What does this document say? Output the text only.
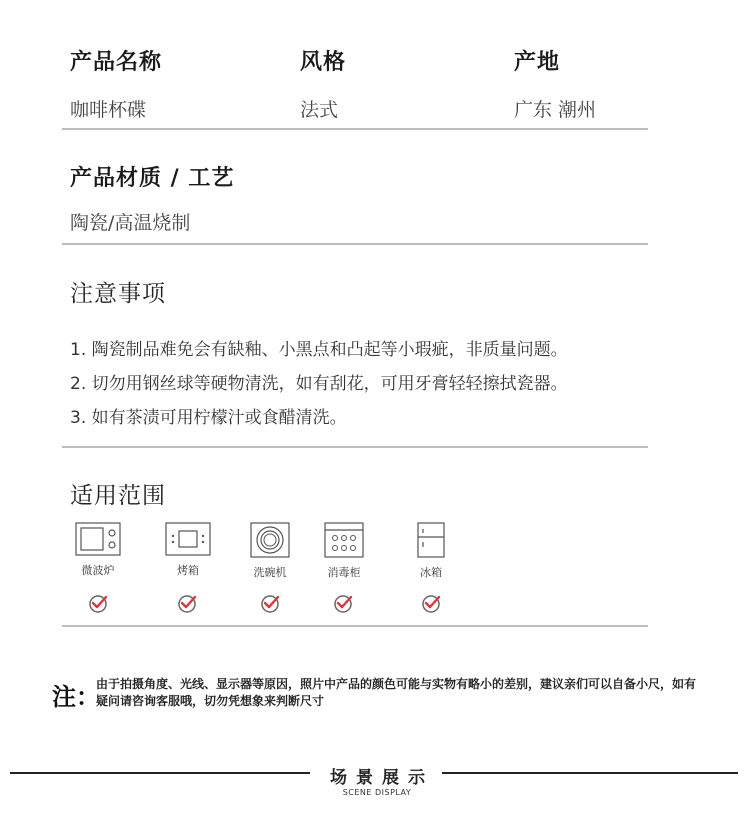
产品名称	风格	产地
咖啡杯碟	法式	广东 潮州
产品材质 / 工艺
陶瓷/高温烧制
注意事项
1. 陶瓷制品难免会有缺釉、小黑点和凸起等小瑕疵，非质量问题。
2. 切勿用钢丝球等硬物清洗，如有刮花，可用牙膏轻轻擦拭瓷器。
3. 如有茶渍可用柠檬汁或食醋清洗。
适用范围
微波炉	烤箱	洗碗机	消毒柜	冰箱
注：
由于拍摄角度、光线、显示器等原因，照片中产品的颜色可能与实物有略小的差别，建议亲们可以自备小尺，如有疑问请咨询客服哦，切勿凭想象来判断尺寸
场景展示
SCENE DISPLAY
